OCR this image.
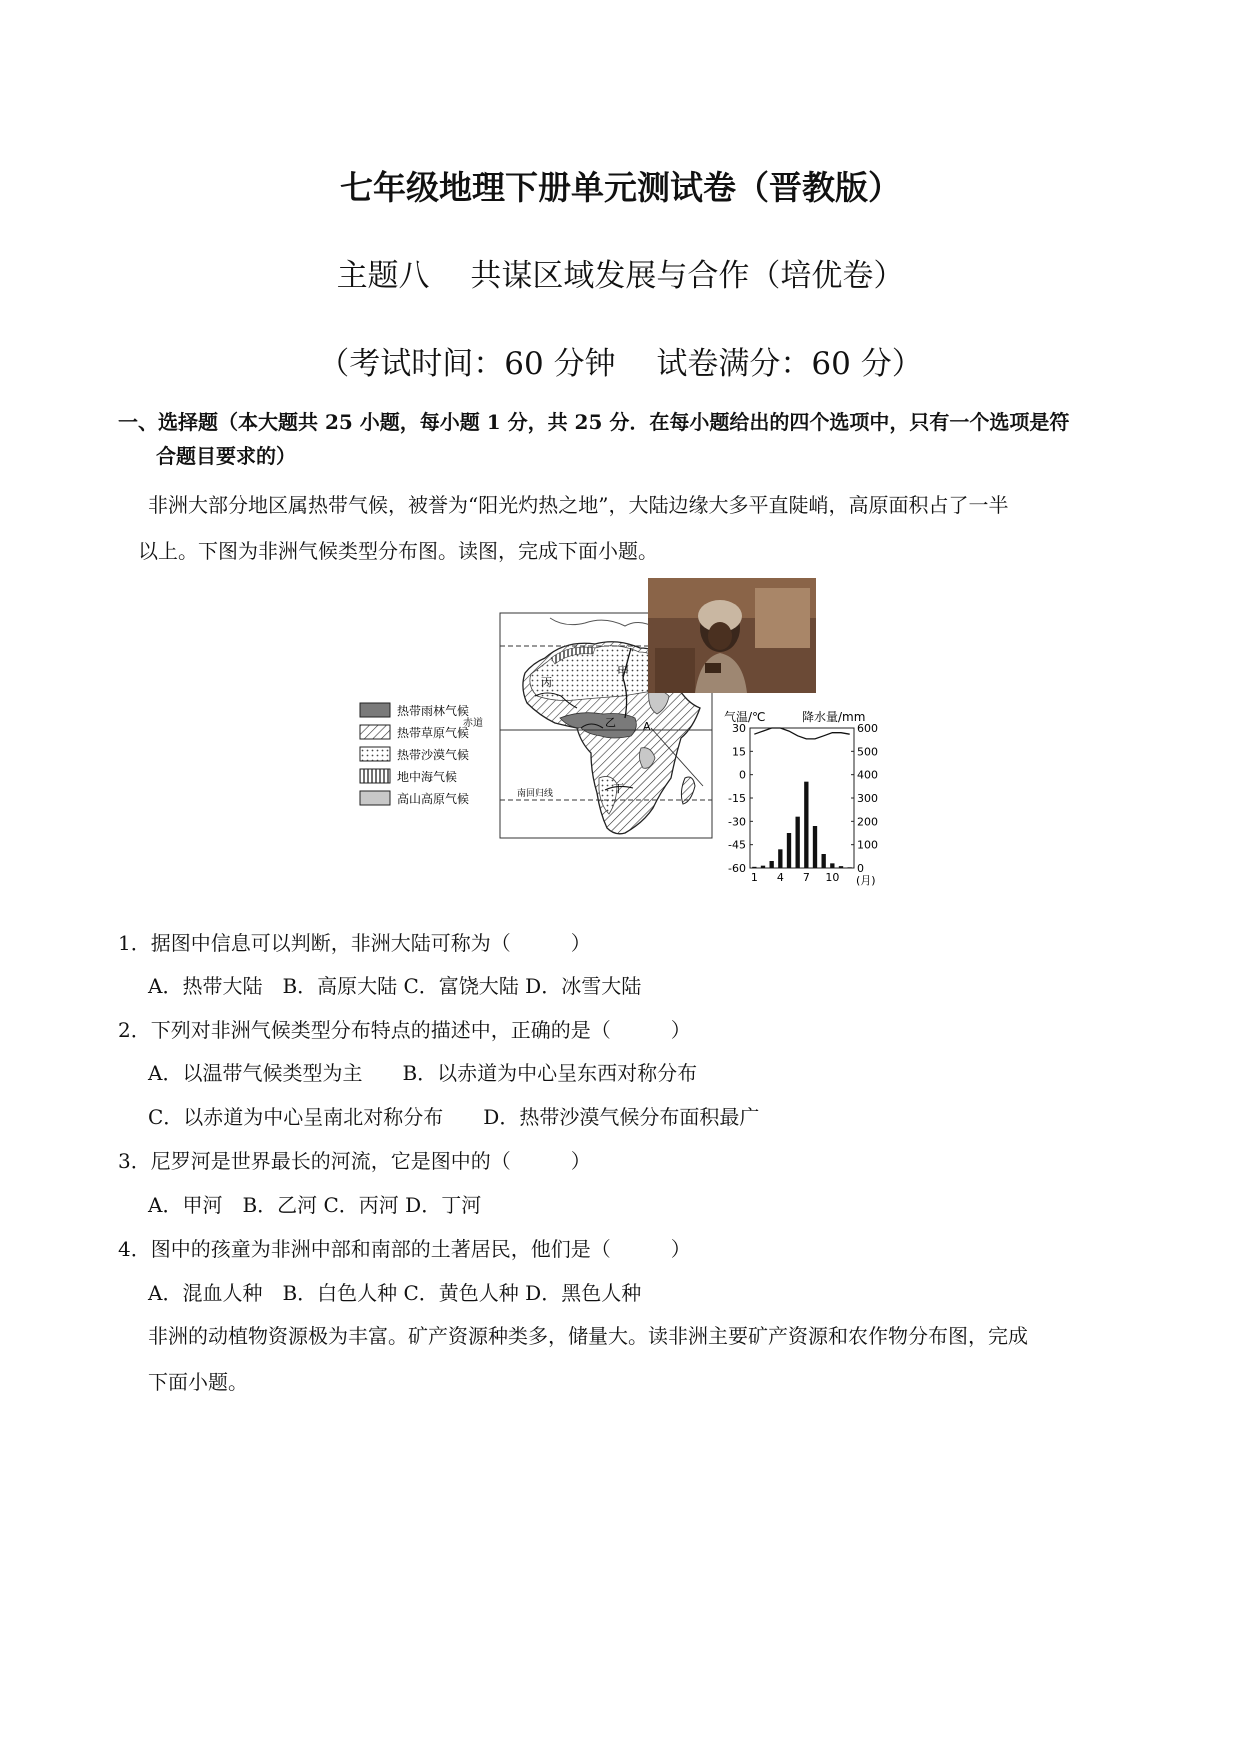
七年级地理下册单元测试卷（晋教版）
主题八　 共谋区域发展与合作（培优卷）
（考试时间：60 分钟　 试卷满分：60 分）
一、选择题（本大题共 25 小题，每小题 1 分，共 25 分．在每小题给出的四个选项中，只有一个选项是符
合题目要求的）
非洲大部分地区属热带气候，被誉为“阳光灼热之地”，大陆边缘大多平直陡峭，高原面积占了一半
以上。下图为非洲气候类型分布图。读图，完成下面小题。
热带雨林气候
热带草原气候
热带沙漠气候
地中海气候
高山高原气候
赤道
南回归线
甲
乙
丙
丁
A
气温/℃	降水量/mm
30
15
0
-15
-30
-45
-60
600
500
400
300
200
100
0
1 4 7 10 (月)
1．据图中信息可以判断，非洲大陆可称为（　　　）
A．热带大陆　B．高原大陆 C．富饶大陆 D．冰雪大陆
2．下列对非洲气候类型分布特点的描述中，正确的是（　　　）
A．以温带气候类型为主　　B．以赤道为中心呈东西对称分布
C．以赤道为中心呈南北对称分布　　D．热带沙漠气候分布面积最广
3．尼罗河是世界最长的河流，它是图中的（　　　）
A．甲河　B．乙河 C．丙河 D．丁河
4．图中的孩童为非洲中部和南部的土著居民，他们是（　　　）
A．混血人种　B．白色人种 C．黄色人种 D．黑色人种
非洲的动植物资源极为丰富。矿产资源种类多，储量大。读非洲主要矿产资源和农作物分布图，完成
下面小题。
